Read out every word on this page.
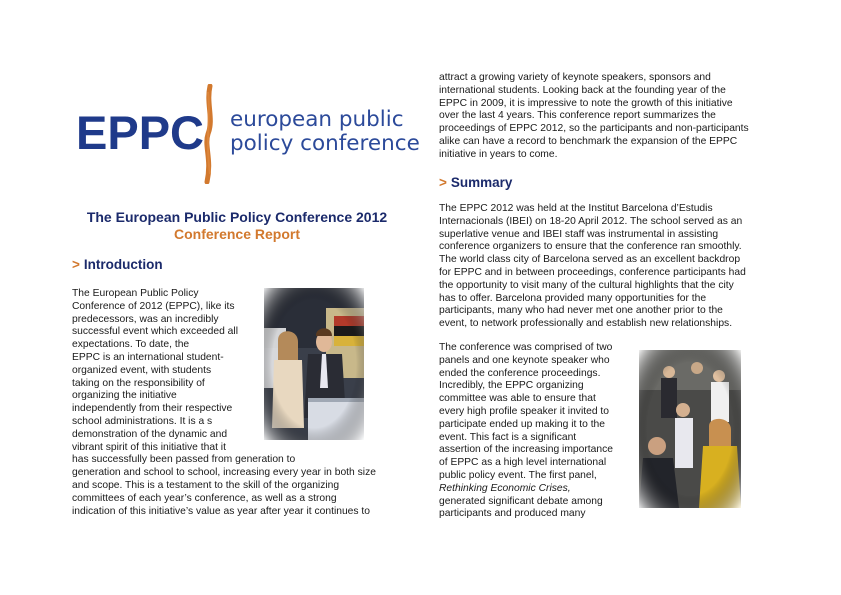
EPPC european public
policy conference
The European Public Policy Conference 2012
Conference Report
> Introduction
The European Public Policy
Conference of 2012 (EPPC), like its
predecessors, was an incredibly
successful event which exceeded all
expectations. To date, the
EPPC is an international student-
organized event, with students
taking on the responsibility of
organizing the initiative
independently from their respective
school administrations. It is a s
demonstration of the dynamic and
vibrant spirit of this initiative that it
has successfully been passed from generation to
generation and school to school, increasing every year in both size
and scope. This is a testament to the skill of the organizing
committees of each year’s conference, as well as a strong
indication of this initiative’s value as year after year it continues to
attract a growing variety of keynote speakers, sponsors and
international students. Looking back at the founding year of the
EPPC in 2009, it is impressive to note the growth of this initiative
over the last 4 years. This conference report summarizes the
proceedings of EPPC 2012, so the participants and non-participants
alike can have a record to benchmark the expansion of the EPPC
initiative in years to come.
> Summary
The EPPC 2012 was held at the Institut Barcelona d’Estudis
Internacionals (IBEI) on 18-20 April 2012. The school served as an
superlative venue and IBEI staff was instrumental in assisting
conference organizers to ensure that the conference ran smoothly.
The world class city of Barcelona served as an excellent backdrop
for EPPC and in between proceedings, conference participants had
the opportunity to visit many of the cultural highlights that the city
has to offer. Barcelona provided many opportunities for the
participants, many who had never met one another prior to the
event, to network professionally and establish new relationships.
The conference was comprised of two
panels and one keynote speaker who
ended the conference proceedings.
Incredibly, the EPPC organizing
committee was able to ensure that
every high profile speaker it invited to
participate ended up making it to the
event. This fact is a significant
assertion of the increasing importance
of EPPC as a high level international
public policy event. The first panel,
Rethinking Economic Crises,
generated significant debate among
participants and produced many
